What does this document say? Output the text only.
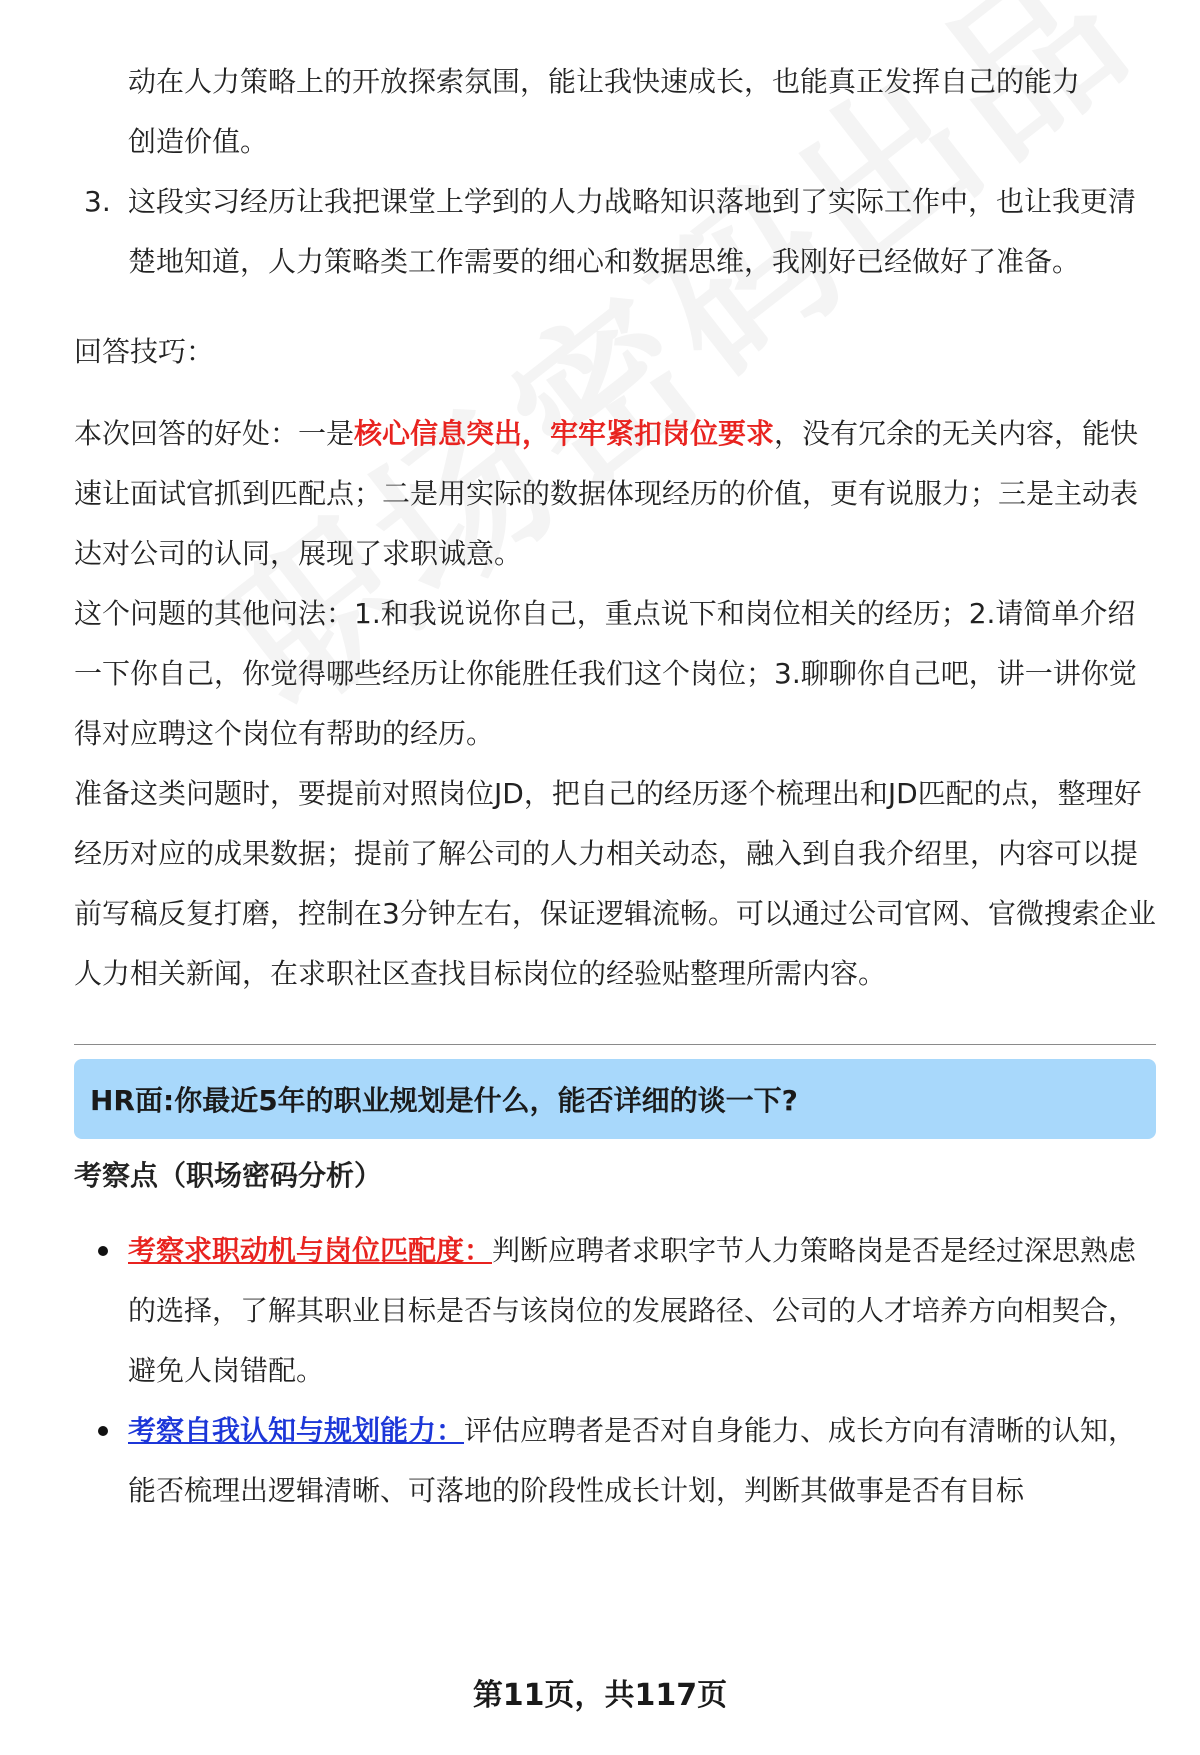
动在人力策略上的开放探索氛围，能让我快速成长，也能真正发挥自己的能力

创造价值。

3. 这段实习经历让我把课堂上学到的人力战略知识落地到了实际工作中，也让我更清楚地知道，人力策略类工作需要的细心和数据思维，我刚好已经做好了准备。

回答技巧：

本次回答的好处：一是核心信息突出，牢牢紧扣岗位要求，没有冗余的无关内容，能快速让面试官抓到匹配点；二是用实际的数据体现经历的价值，更有说服力；三是主动表达对公司的认同，展现了求职诚意。

这个问题的其他问法：1.和我说说你自己，重点说下和岗位相关的经历；2.请简单介绍一下你自己，你觉得哪些经历让你能胜任我们这个岗位；3.聊聊你自己吧，讲一讲你觉得对应聘这个岗位有帮助的经历。

准备这类问题时，要提前对照岗位JD，把自己的经历逐个梳理出和JD匹配的点，整理好经历对应的成果数据；提前了解公司的人力相关动态，融入到自我介绍里，内容可以提前写稿反复打磨，控制在3分钟左右，保证逻辑流畅。可以通过公司官网、官微搜索企业人力相关新闻，在求职社区查找目标岗位的经验贴整理所需内容。

HR面:你最近5年的职业规划是什么，能否详细的谈一下?
考察点（职场密码分析）
考察求职动机与岗位匹配度：判断应聘者求职字节人力策略岗是否是经过深思熟虑的选择，了解其职业目标是否与该岗位的发展路径、公司的人才培养方向相契合，避免人岗错配。
考察自我认知与规划能力：评估应聘者是否对自身能力、成长方向有清晰的认知，能否梳理出逻辑清晰、可落地的阶段性成长计划，判断其做事是否有目标
第11页，共117页
